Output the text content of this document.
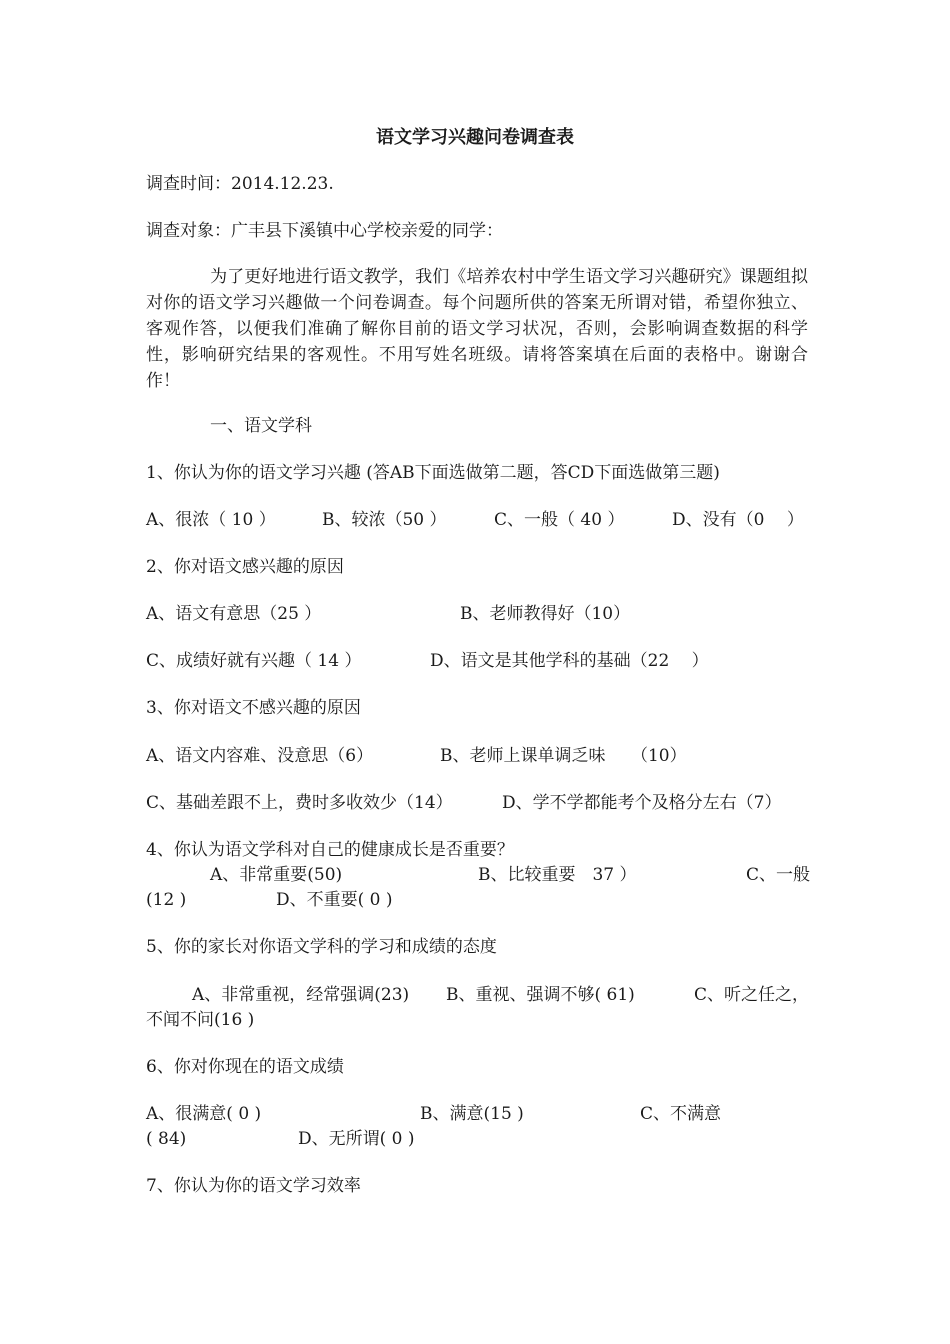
语文学习兴趣问卷调查表
调查时间：2014.12.23.
调查对象：广丰县下溪镇中心学校亲爱的同学：
为了更好地进行语文教学，我们《培养农村中学生语文学习兴趣研究》课题组拟对你的语文学习兴趣做一个问卷调查。每个问题所供的答案无所谓对错，希望你独立、客观作答，以便我们准确了解你目前的语文学习状况，否则，会影响调查数据的科学性，影响研究结果的客观性。不用写姓名班级。请将答案填在后面的表格中。谢谢合作！
一、语文学科
1、你认为你的语文学习兴趣 (答AB下面选做第二题，答CD下面选做第三题)
A、很浓（ 10 ）	B、较浓（50 ）	C、一般（ 40 ）	D、没有（0　 ）
2、你对语文感兴趣的原因
A、语文有意思（25 ）	B、老师教得好（10）
C、成绩好就有兴趣（ 14 ）	D、语文是其他学科的基础（22　 ）
3、你对语文不感兴趣的原因
A、语文内容难、没意思（6）	B、老师上课单调乏味　　（10）
C、基础差跟不上，费时多收效少（14）	D、学不学都能考个及格分左右（7）
4、你认为语文学科对自己的健康成长是否重要？
A、非常重要(50)	B、比较重要　37 ）	C、一般
(12 )	D、不重要( 0 )
5、你的家长对你语文学科的学习和成绩的态度
A、非常重视，经常强调(23) B、重视、强调不够( 61)	C、听之任之，
不闻不问(16 )
6、你对你现在的语文成绩
A、很满意( 0 )	B、满意(15 )	C、不满意
( 84)	D、无所谓( 0 )
7、你认为你的语文学习效率
